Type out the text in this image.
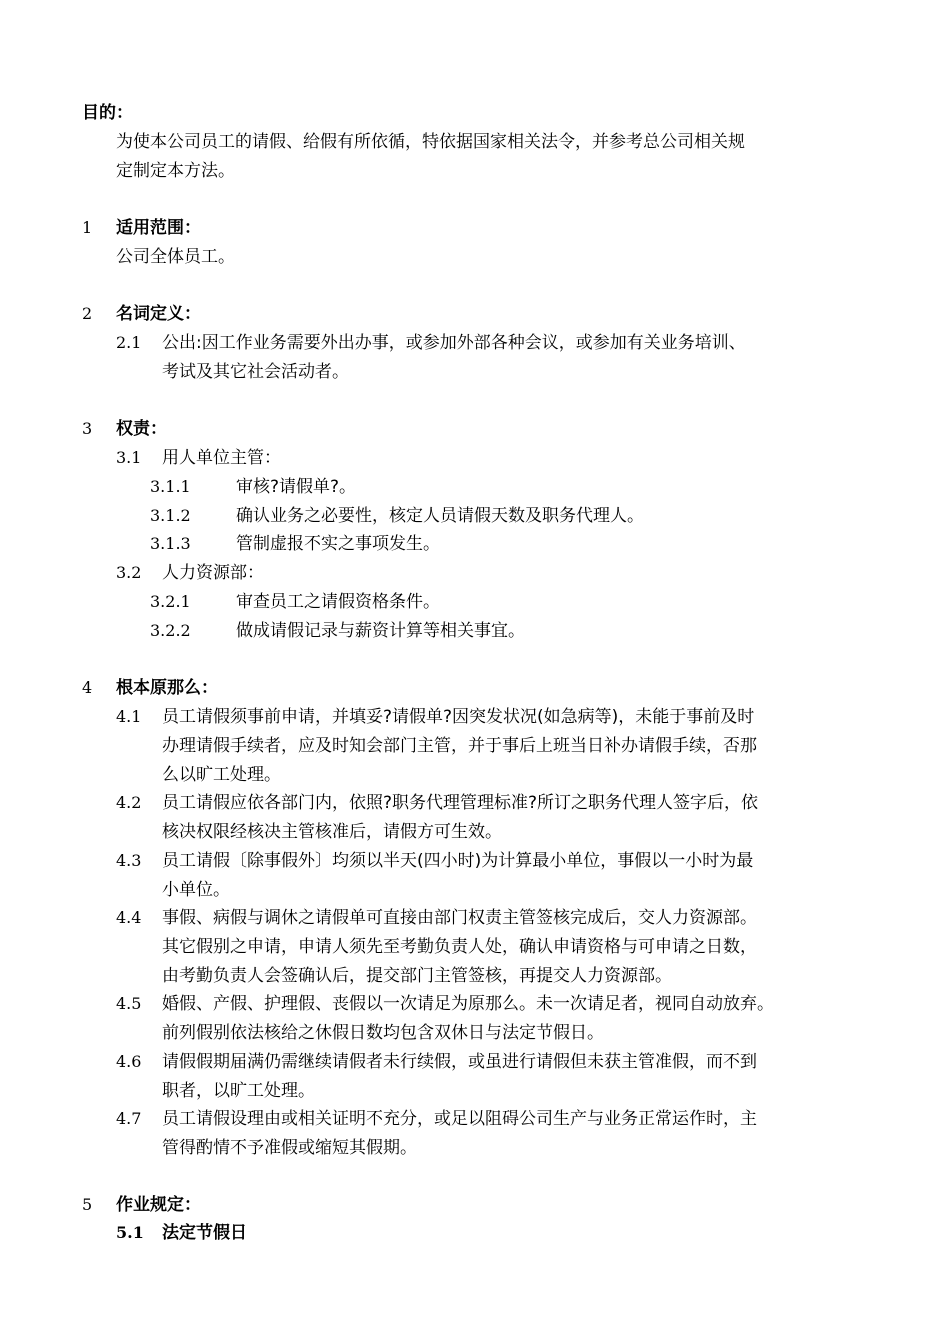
目的：
为使本公司员工的请假、给假有所依循，特依据国家相关法令，并参考总公司相关规
定制定本方法。
1 适用范围：
公司全体员工。
2 名词定义：
2.1 公出:因工作业务需要外出办事，或参加外部各种会议，或参加有关业务培训、
考试及其它社会活动者。
3 权责：
3.1 用人单位主管：
3.1.1	审核?请假单?。
3.1.2	确认业务之必要性，核定人员请假天数及职务代理人。
3.1.3	管制虚报不实之事项发生。
3.2 人力资源部：
3.2.1	审查员工之请假资格条件。
3.2.2	做成请假记录与薪资计算等相关事宜。
4 根本原那么：
4.1 员工请假须事前申请，并填妥?请假单?因突发状况(如急病等)，未能于事前及时
办理请假手续者，应及时知会部门主管，并于事后上班当日补办请假手续，否那
么以旷工处理。
4.2 员工请假应依各部门内，依照?职务代理管理标准?所订之职务代理人签字后，依
核决权限经核决主管核准后，请假方可生效。
4.3 员工请假〔除事假外〕均须以半天(四小时)为计算最小单位，事假以一小时为最
小单位。
4.4 事假、病假与调休之请假单可直接由部门权责主管签核完成后，交人力资源部。
其它假别之申请，申请人须先至考勤负责人处，确认申请资格与可申请之日数，
由考勤负责人会签确认后，提交部门主管签核，再提交人力资源部。
4.5 婚假、产假、护理假、丧假以一次请足为原那么。未一次请足者，视同自动放弃。
前列假别依法核给之休假日数均包含双休日与法定节假日。
4.6 请假假期届满仍需继续请假者未行续假，或虽进行请假但未获主管准假，而不到
职者，以旷工处理。
4.7 员工请假设理由或相关证明不充分，或足以阻碍公司生产与业务正常运作时，主
管得酌情不予准假或缩短其假期。
5 作业规定：
5.1 法定节假日
